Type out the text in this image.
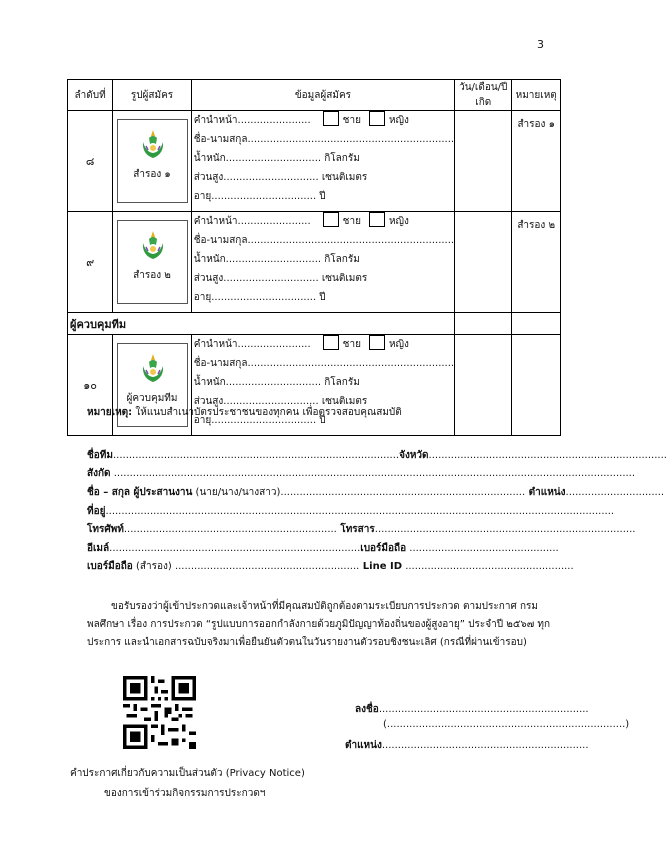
3
ลำดับที่	รูปผู้สมัคร	ข้อมูลผู้สมัคร	วัน/เดือน/ปีเกิด	หมายเหตุ
๘	สำรอง ๑	คำนำหน้า....................... ชาย หญิง
ชื่อ-นามสกุล.................................................................
น้ำหนัก.............................. กิโลกรัม
ส่วนสูง.............................. เซนติเมตร
อายุ................................. ปี		สำรอง ๑
๙	สำรอง ๒	คำนำหน้า....................... ชาย หญิง
ชื่อ-นามสกุล.................................................................
น้ำหนัก.............................. กิโลกรัม
ส่วนสูง.............................. เซนติเมตร
อายุ................................. ปี		สำรอง ๒
ผู้ควบคุมทีม				
๑๐	ผู้ควบคุมทีม	คำนำหน้า....................... ชาย หญิง
ชื่อ-นามสกุล.................................................................
น้ำหนัก.............................. กิโลกรัม
ส่วนสูง.............................. เซนติเมตร
อายุ................................. ปี		

หมายเหตุ: ให้แนบสำเนาบัตรประชาชนของทุกคน เพื่อตรวจสอบคุณสมบัติ
ชื่อทีม..........................................................................................จังหวัด...........................................................................
สังกัด ....................................................................................................................................................................
ชื่อ – สกุล ผู้ประสานงาน (นาย/นาง/นางสาว)............................................................................. ตำแหน่ง...............................
ที่อยู่................................................................................................................................................................
โทรศัพท์................................................................... โทรสาร..................................................................................
อีเมล์...............................................................................เบอร์มือถือ ...............................................
เบอร์มือถือ (สำรอง) .......................................................... Line ID .....................................................
ขอรับรองว่าผู้เข้าประกวดและเจ้าหน้าที่มีคุณสมบัติถูกต้องตามระเบียบการประกวด ตามประกาศ กรมพลศึกษา เรื่อง การประกวด “รูปแบบการออกกำลังกายด้วยภูมิปัญญาท้องถิ่นของผู้สูงอายุ” ประจำปี ๒๕๖๗ ทุกประการ และนำเอกสารฉบับจริงมาเพื่อยืนยันตัวตนในวันรายงานตัวรอบชิงชนะเลิศ (กรณีที่ผ่านเข้ารอบ)
ลงชื่อ..................................................................
(...........................................................................)
ตำแหน่ง.................................................................
คำประกาศเกี่ยวกับความเป็นส่วนตัว (Privacy Notice)
ของการเข้าร่วมกิจกรรมการประกวดฯ
